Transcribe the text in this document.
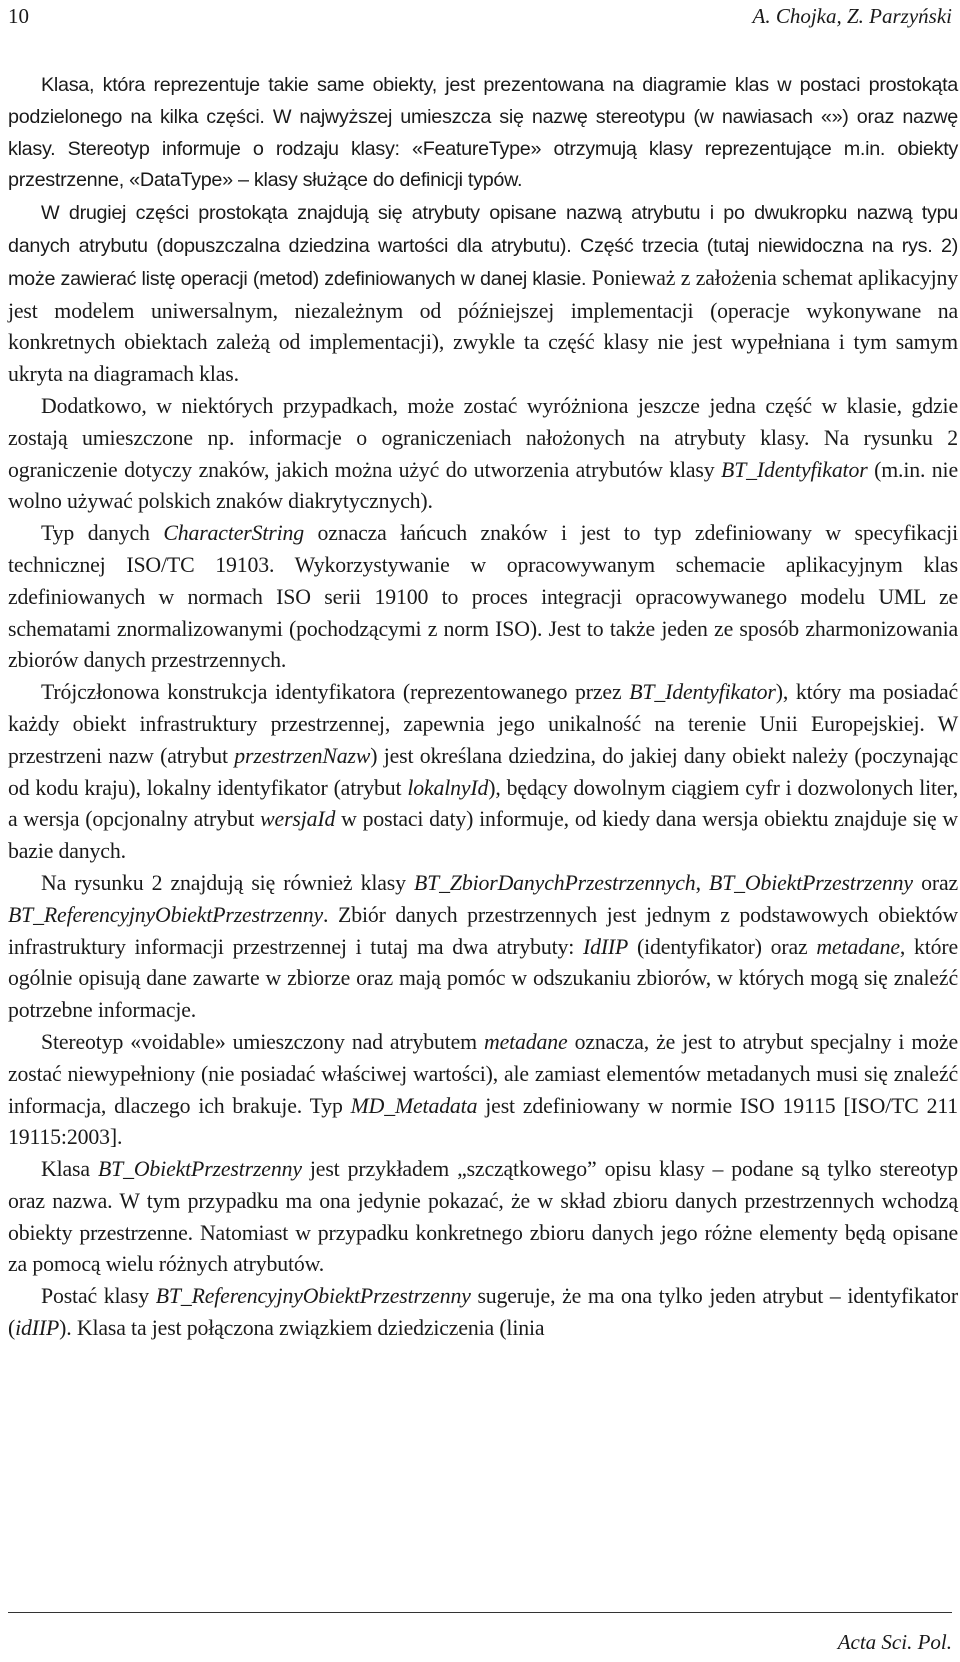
10	A. Chojka, Z. Parzyński

Klasa, która reprezentuje takie same obiekty, jest prezentowana na diagramie klas w postaci prostokąta podzielonego na kilka części. W najwyższej umieszcza się nazwę stereotypu (w nawiasach «») oraz nazwę klasy. Stereotyp informuje o rodzaju klasy: «FeatureType» otrzymują klasy reprezentujące m.in. obiekty przestrzenne, «DataType» – klasy służące do definicji typów.

W drugiej części prostokąta znajdują się atrybuty opisane nazwą atrybutu i po dwukropku nazwą typu danych atrybutu (dopuszczalna dziedzina wartości dla atrybutu). Część trzecia (tutaj niewidoczna na rys. 2) może zawierać listę operacji (metod) zdefiniowanych w danej klasie. Ponieważ z założenia schemat aplikacyjny jest modelem uniwersalnym, niezależnym od późniejszej implementacji (operacje wykonywane na konkretnych obiektach zależą od implementacji), zwykle ta część klasy nie jest wypełniana i tym samym ukryta na diagramach klas.

Dodatkowo, w niektórych przypadkach, może zostać wyróżniona jeszcze jedna część w klasie, gdzie zostają umieszczone np. informacje o ograniczeniach nałożonych na atrybuty klasy. Na rysunku 2 ograniczenie dotyczy znaków, jakich można użyć do utworzenia atrybutów klasy BT_Identyfikator (m.in. nie wolno używać polskich znaków diakrytycznych).

Typ danych CharacterString oznacza łańcuch znaków i jest to typ zdefiniowany w specyfikacji technicznej ISO/TC 19103. Wykorzystywanie w opracowywanym schemacie aplikacyjnym klas zdefiniowanych w normach ISO serii 19100 to proces integracji opracowywanego modelu UML ze schematami znormalizowanymi (pochodzącymi z norm ISO). Jest to także jeden ze sposób zharmonizowania zbiorów danych przestrzennych.

Trójczłonowa konstrukcja identyfikatora (reprezentowanego przez BT_Identyfikator), który ma posiadać każdy obiekt infrastruktury przestrzennej, zapewnia jego unikalność na terenie Unii Europejskiej. W przestrzeni nazw (atrybut przestrzenNazw) jest określana dziedzina, do jakiej dany obiekt należy (poczynając od kodu kraju), lokalny identyfikator (atrybut lokalnyId), będący dowolnym ciągiem cyfr i dozwolonych liter, a wersja (opcjonalny atrybut wersjaId w postaci daty) informuje, od kiedy dana wersja obiektu znajduje się w bazie danych.

Na rysunku 2 znajdują się również klasy BT_ZbiorDanychPrzestrzennych, BT_ObiektPrzestrzenny oraz BT_ReferencyjnyObiektPrzestrzenny. Zbiór danych przestrzennych jest jednym z podstawowych obiektów infrastruktury informacji przestrzennej i tutaj ma dwa atrybuty: IdIIP (identyfikator) oraz metadane, które ogólnie opisują dane zawarte w zbiorze oraz mają pomóc w odszukaniu zbiorów, w których mogą się znaleźć potrzebne informacje.

Stereotyp «voidable» umieszczony nad atrybutem metadane oznacza, że jest to atrybut specjalny i może zostać niewypełniony (nie posiadać właściwej wartości), ale zamiast elementów metadanych musi się znaleźć informacja, dlaczego ich brakuje. Typ MD_Metadata jest zdefiniowany w normie ISO 19115 [ISO/TC 211 19115:2003].

Klasa BT_ObiektPrzestrzenny jest przykładem „szczątkowego” opisu klasy – podane są tylko stereotyp oraz nazwa. W tym przypadku ma ona jedynie pokazać, że w skład zbioru danych przestrzennych wchodzą obiekty przestrzenne. Natomiast w przypadku konkretnego zbioru danych jego różne elementy będą opisane za pomocą wielu różnych atrybutów.

Postać klasy BT_ReferencyjnyObiektPrzestrzenny sugeruje, że ma ona tylko jeden atrybut – identyfikator (idIIP). Klasa ta jest połączona związkiem dziedziczenia (linia

Acta Sci. Pol.
